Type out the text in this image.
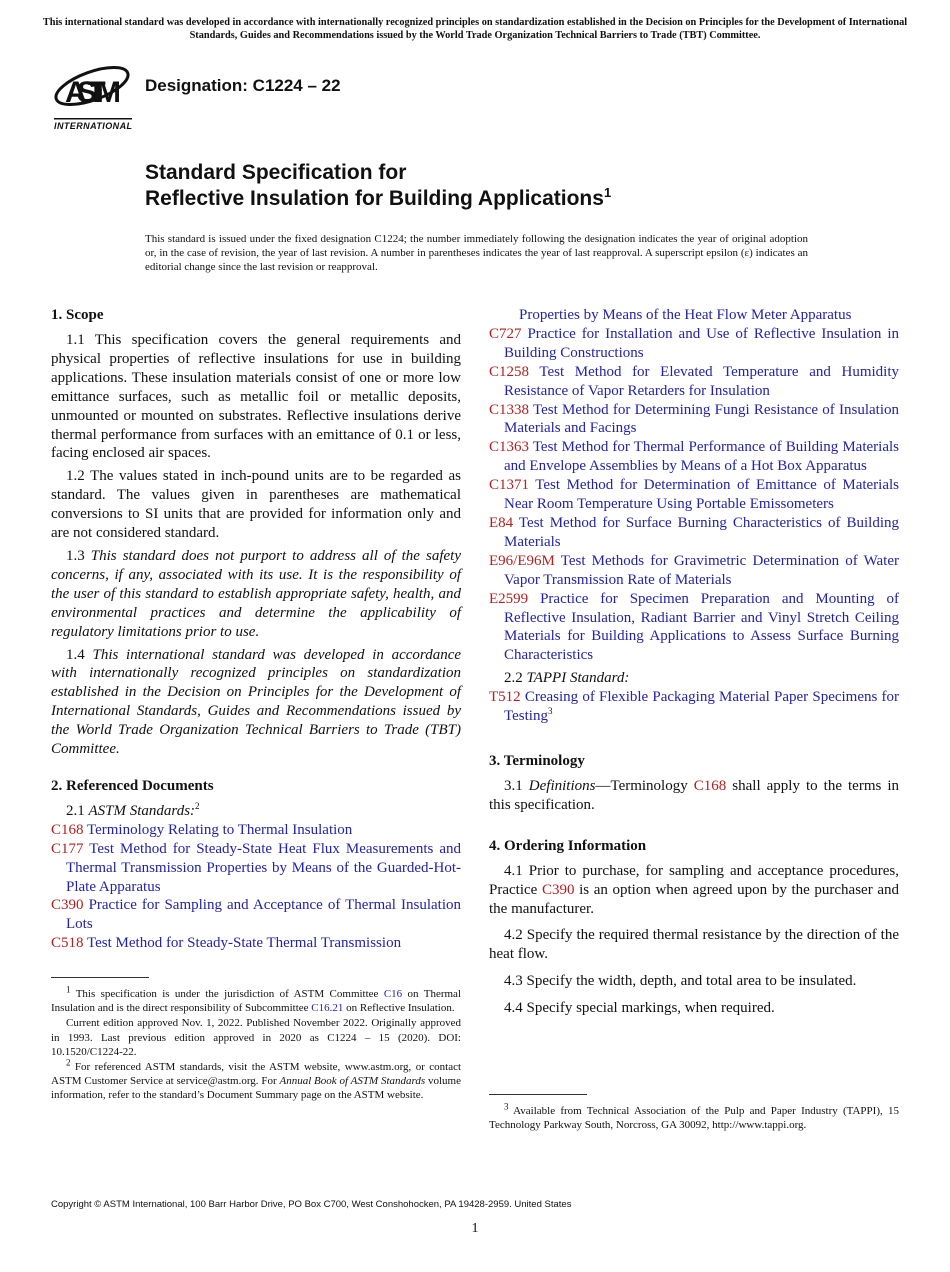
This international standard was developed in accordance with internationally recognized principles on standardization established in the Decision on Principles for the Development of International Standards, Guides and Recommendations issued by the World Trade Organization Technical Barriers to Trade (TBT) Committee.
ASTM
INTERNATIONAL
Designation: C1224 – 22
Standard Specification for
Reflective Insulation for Building Applications$^1$
This standard is issued under the fixed designation C1224; the number immediately following the designation indicates the year of original adoption or, in the case of revision, the year of last revision. A number in parentheses indicates the year of last reapproval. A superscript epsilon (ε) indicates an editorial change since the last revision or reapproval.
1. Scope

1.1 This specification covers the general requirements and physical properties of reflective insulations for use in building applications. These insulation materials consist of one or more low emittance surfaces, such as metallic foil or metallic deposits, unmounted or mounted on substrates. Reflective insulations derive thermal performance from surfaces with an emittance of 0.1 or less, facing enclosed air spaces.

1.2 The values stated in inch-pound units are to be regarded as standard. The values given in parentheses are mathematical conversions to SI units that are provided for information only and are not considered standard.

1.3 This standard does not purport to address all of the safety concerns, if any, associated with its use. It is the responsibility of the user of this standard to establish appropriate safety, health, and environmental practices and determine the applicability of regulatory limitations prior to use.

1.4 This international standard was developed in accordance with internationally recognized principles on standardization established in the Decision on Principles for the Development of International Standards, Guides and Recommendations issued by the World Trade Organization Technical Barriers to Trade (TBT) Committee.

2. Referenced Documents

2.1 ASTM Standards:$^2$

C168 Terminology Relating to Thermal Insulation

C177 Test Method for Steady-State Heat Flux Measurements and Thermal Transmission Properties by Means of the Guarded-Hot-Plate Apparatus

C390 Practice for Sampling and Acceptance of Thermal Insulation Lots

C518 Test Method for Steady-State Thermal Transmission

$^1$ This specification is under the jurisdiction of ASTM Committee C16 on Thermal Insulation and is the direct responsibility of Subcommittee C16.21 on Reflective Insulation.

Current edition approved Nov. 1, 2022. Published November 2022. Originally approved in 1993. Last previous edition approved in 2020 as C1224 – 15 (2020). DOI: 10.1520/C1224-22.

$^2$ For referenced ASTM standards, visit the ASTM website, www.astm.org, or contact ASTM Customer Service at service@astm.org. For Annual Book of ASTM Standards volume information, refer to the standard’s Document Summary page on the ASTM website.

Properties by Means of the Heat Flow Meter Apparatus

C727 Practice for Installation and Use of Reflective Insulation in Building Constructions

C1258 Test Method for Elevated Temperature and Humidity Resistance of Vapor Retarders for Insulation

C1338 Test Method for Determining Fungi Resistance of Insulation Materials and Facings

C1363 Test Method for Thermal Performance of Building Materials and Envelope Assemblies by Means of a Hot Box Apparatus

C1371 Test Method for Determination of Emittance of Materials Near Room Temperature Using Portable Emissometers

E84 Test Method for Surface Burning Characteristics of Building Materials

E96/E96M Test Methods for Gravimetric Determination of Water Vapor Transmission Rate of Materials

E2599 Practice for Specimen Preparation and Mounting of Reflective Insulation, Radiant Barrier and Vinyl Stretch Ceiling Materials for Building Applications to Assess Surface Burning Characteristics

2.2 TAPPI Standard:

T512 Creasing of Flexible Packaging Material Paper Specimens for Testing$^3$

3. Terminology

3.1 Definitions—Terminology C168 shall apply to the terms in this specification.

4. Ordering Information

4.1 Prior to purchase, for sampling and acceptance procedures, Practice C390 is an option when agreed upon by the purchaser and the manufacturer.

4.2 Specify the required thermal resistance by the direction of the heat flow.

4.3 Specify the width, depth, and total area to be insulated.

4.4 Specify special markings, when required.

$^3$ Available from Technical Association of the Pulp and Paper Industry (TAPPI), 15 Technology Parkway South, Norcross, GA 30092, http://www.tappi.org.

Copyright © ASTM International, 100 Barr Harbor Drive, PO Box C700, West Conshohocken, PA 19428-2959. United States
1
